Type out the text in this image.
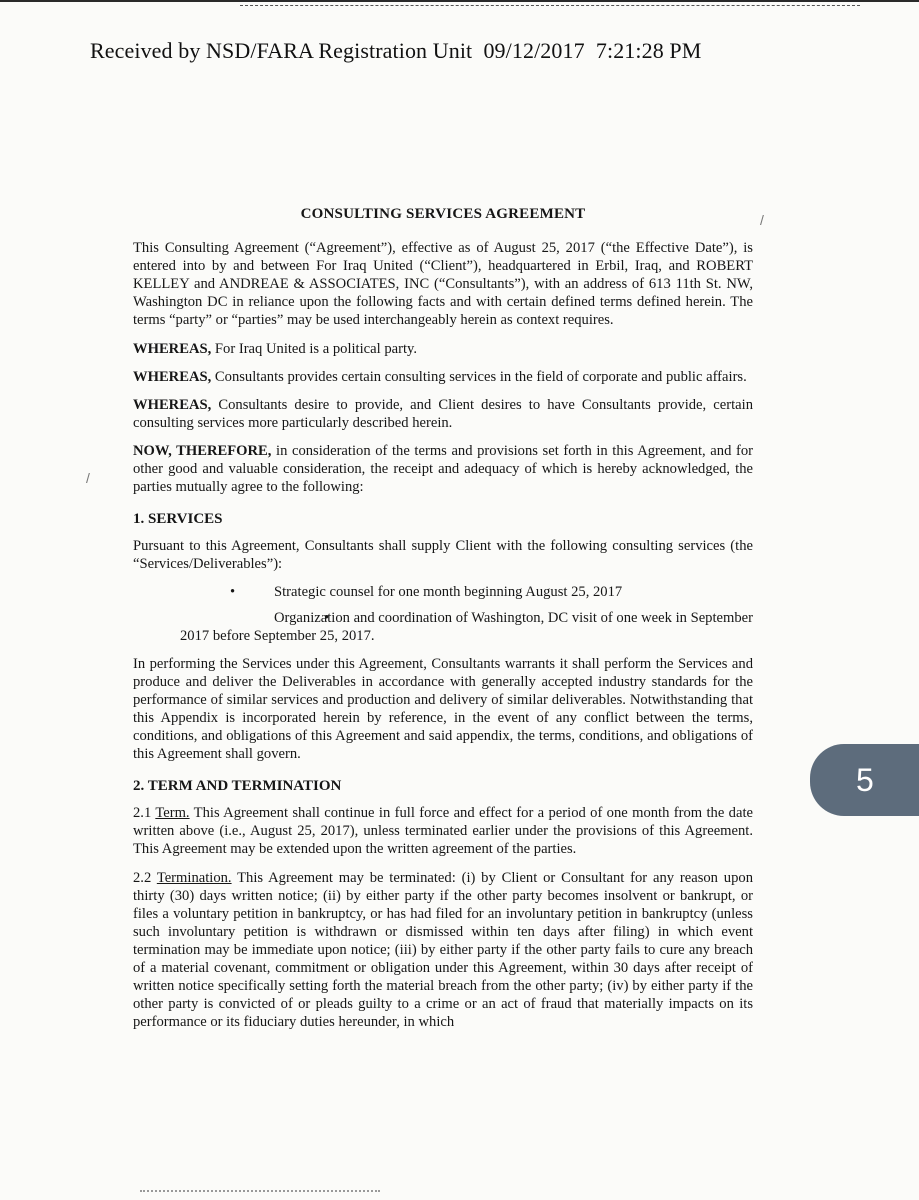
Received by NSD/FARA Registration Unit  09/12/2017  7:21:28 PM
/
/
CONSULTING SERVICES AGREEMENT

This Consulting Agreement (“Agreement”), effective as of August 25, 2017 (“the Effective Date”), is entered into by and between For Iraq United (“Client”), headquartered in Erbil, Iraq, and ROBERT KELLEY and ANDREAE & ASSOCIATES, INC (“Consultants”), with an address of 613 11th St. NW, Washington DC in reliance upon the following facts and with certain defined terms defined herein. The terms “party” or “parties” may be used interchangeably herein as context requires.

WHEREAS, For Iraq United is a political party.

WHEREAS, Consultants provides certain consulting services in the field of corporate and public affairs.

WHEREAS, Consultants desire to provide, and Client desires to have Consultants provide, certain consulting services more particularly described herein.

NOW, THEREFORE, in consideration of the terms and provisions set forth in this Agreement, and for other good and valuable consideration, the receipt and adequacy of which is hereby acknowledged, the parties mutually agree to the following:

1. SERVICES

Pursuant to this Agreement, Consultants shall supply Client with the following consulting services (the “Services/Deliverables”):

• Strategic counsel for one month beginning August 25, 2017
• Organization and coordination of Washington, DC visit of one week in September 2017 before September 25, 2017.

In performing the Services under this Agreement, Consultants warrants it shall perform the Services and produce and deliver the Deliverables in accordance with generally accepted industry standards for the performance of similar services and production and delivery of similar deliverables. Notwithstanding that this Appendix is incorporated herein by reference, in the event of any conflict between the terms, conditions, and obligations of this Agreement and said appendix, the terms, conditions, and obligations of this Agreement shall govern.

2. TERM AND TERMINATION

2.1 Term. This Agreement shall continue in full force and effect for a period of one month from the date written above (i.e., August 25, 2017), unless terminated earlier under the provisions of this Agreement. This Agreement may be extended upon the written agreement of the parties.

2.2 Termination. This Agreement may be terminated: (i) by Client or Consultant for any reason upon thirty (30) days written notice; (ii) by either party if the other party becomes insolvent or bankrupt, or files a voluntary petition in bankruptcy, or has had filed for an involuntary petition in bankruptcy (unless such involuntary petition is withdrawn or dismissed within ten days after filing) in which event termination may be immediate upon notice; (iii) by either party if the other party fails to cure any breach of a material covenant, commitment or obligation under this Agreement, within 30 days after receipt of written notice specifically setting forth the material breach from the other party; (iv) by either party if the other party is convicted of or pleads guilty to a crime or an act of fraud that materially impacts on its performance or its fiduciary duties hereunder, in which

5
